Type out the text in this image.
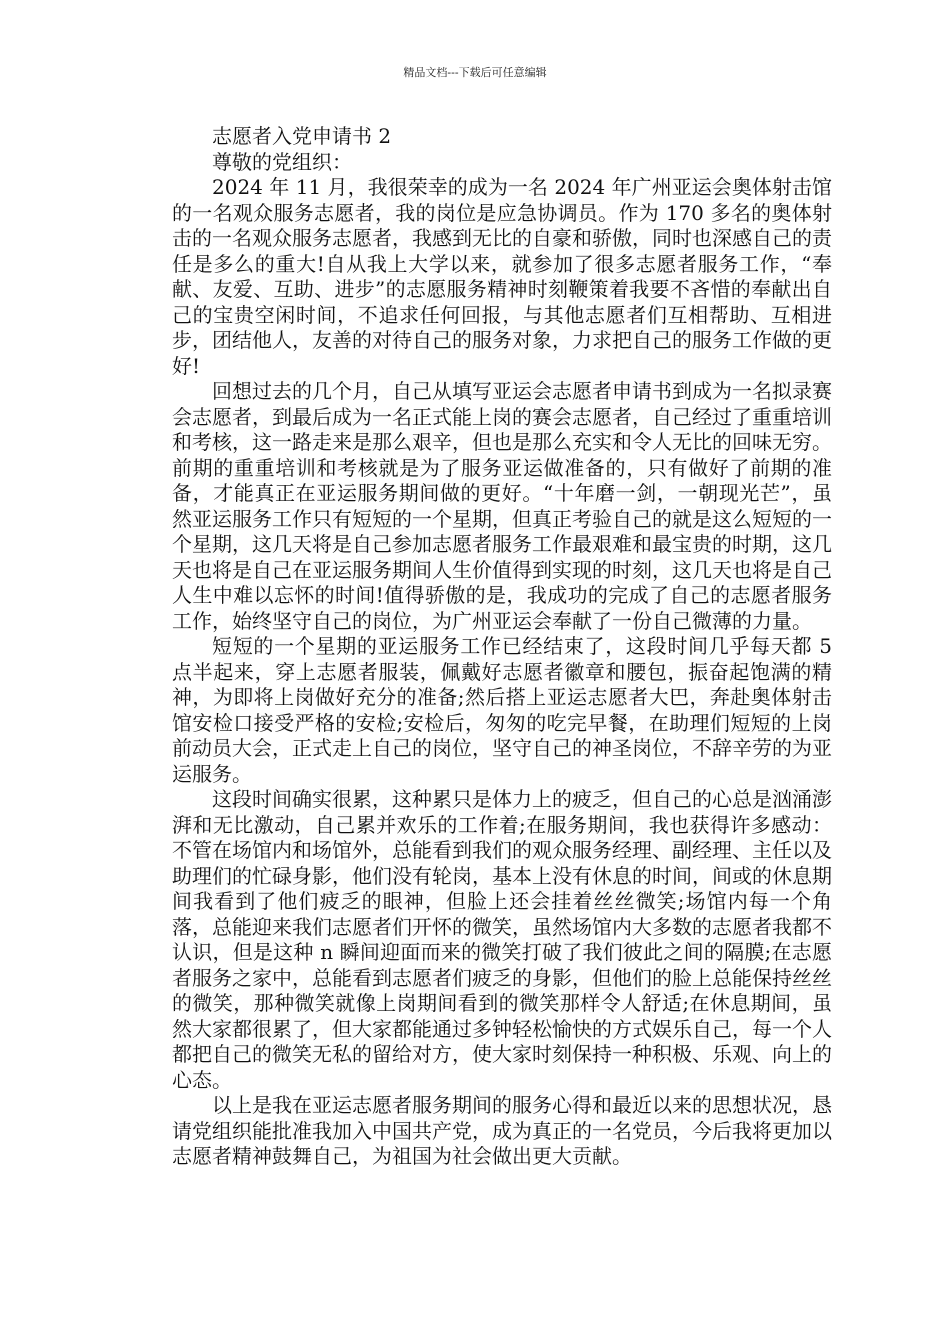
精品文档---下载后可任意编辑
志愿者入党申请书 2
尊敬的党组织：

2024 年 11 月，我很荣幸的成为一名 2024 年广州亚运会奥体射击馆的一名观众服务志愿者，我的岗位是应急协调员。作为 170 多名的奥体射击的一名观众服务志愿者，我感到无比的自豪和骄傲，同时也深感自己的责任是多么的重大!自从我上大学以来，就参加了很多志愿者服务工作，“奉献、友爱、互助、进步”的志愿服务精神时刻鞭策着我要不吝惜的奉献出自己的宝贵空闲时间，不追求任何回报，与其他志愿者们互相帮助、互相进步，团结他人，友善的对待自己的服务对象，力求把自己的服务工作做的更好!

回想过去的几个月，自己从填写亚运会志愿者申请书到成为一名拟录赛会志愿者，到最后成为一名正式能上岗的赛会志愿者，自己经过了重重培训和考核，这一路走来是那么艰辛，但也是那么充实和令人无比的回味无穷。前期的重重培训和考核就是为了服务亚运做准备的，只有做好了前期的准备，才能真正在亚运服务期间做的更好。“十年磨一剑，一朝现光芒”，虽然亚运服务工作只有短短的一个星期，但真正考验自己的就是这么短短的一个星期，这几天将是自己参加志愿者服务工作最艰难和最宝贵的时期，这几天也将是自己在亚运服务期间人生价值得到实现的时刻，这几天也将是自己人生中难以忘怀的时间!值得骄傲的是，我成功的完成了自己的志愿者服务工作，始终坚守自己的岗位，为广州亚运会奉献了一份自己微薄的力量。

短短的一个星期的亚运服务工作已经结束了，这段时间几乎每天都 5 点半起来，穿上志愿者服装，佩戴好志愿者徽章和腰包，振奋起饱满的精神，为即将上岗做好充分的准备;然后搭上亚运志愿者大巴，奔赴奥体射击馆安检口接受严格的安检;安检后，匆匆的吃完早餐，在助理们短短的上岗前动员大会，正式走上自己的岗位，坚守自己的神圣岗位，不辞辛劳的为亚运服务。

这段时间确实很累，这种累只是体力上的疲乏，但自己的心总是汹涌澎湃和无比激动，自己累并欢乐的工作着;在服务期间，我也获得许多感动：不管在场馆内和场馆外，总能看到我们的观众服务经理、副经理、主任以及助理们的忙碌身影，他们没有轮岗，基本上没有休息的时间，间或的休息期间我看到了他们疲乏的眼神，但脸上还会挂着丝丝微笑;场馆内每一个角落，总能迎来我们志愿者们开怀的微笑，虽然场馆内大多数的志愿者我都不认识，但是这种 n 瞬间迎面而来的微笑打破了我们彼此之间的隔膜;在志愿者服务之家中，总能看到志愿者们疲乏的身影，但他们的脸上总能保持丝丝的微笑，那种微笑就像上岗期间看到的微笑那样令人舒适;在休息期间，虽然大家都很累了，但大家都能通过多钟轻松愉快的方式娱乐自己，每一个人都把自己的微笑无私的留给对方，使大家时刻保持一种积极、乐观、向上的心态。

以上是我在亚运志愿者服务期间的服务心得和最近以来的思想状况，恳请党组织能批准我加入中国共产党，成为真正的一名党员，今后我将更加以志愿者精神鼓舞自己，为祖国为社会做出更大贡献。
